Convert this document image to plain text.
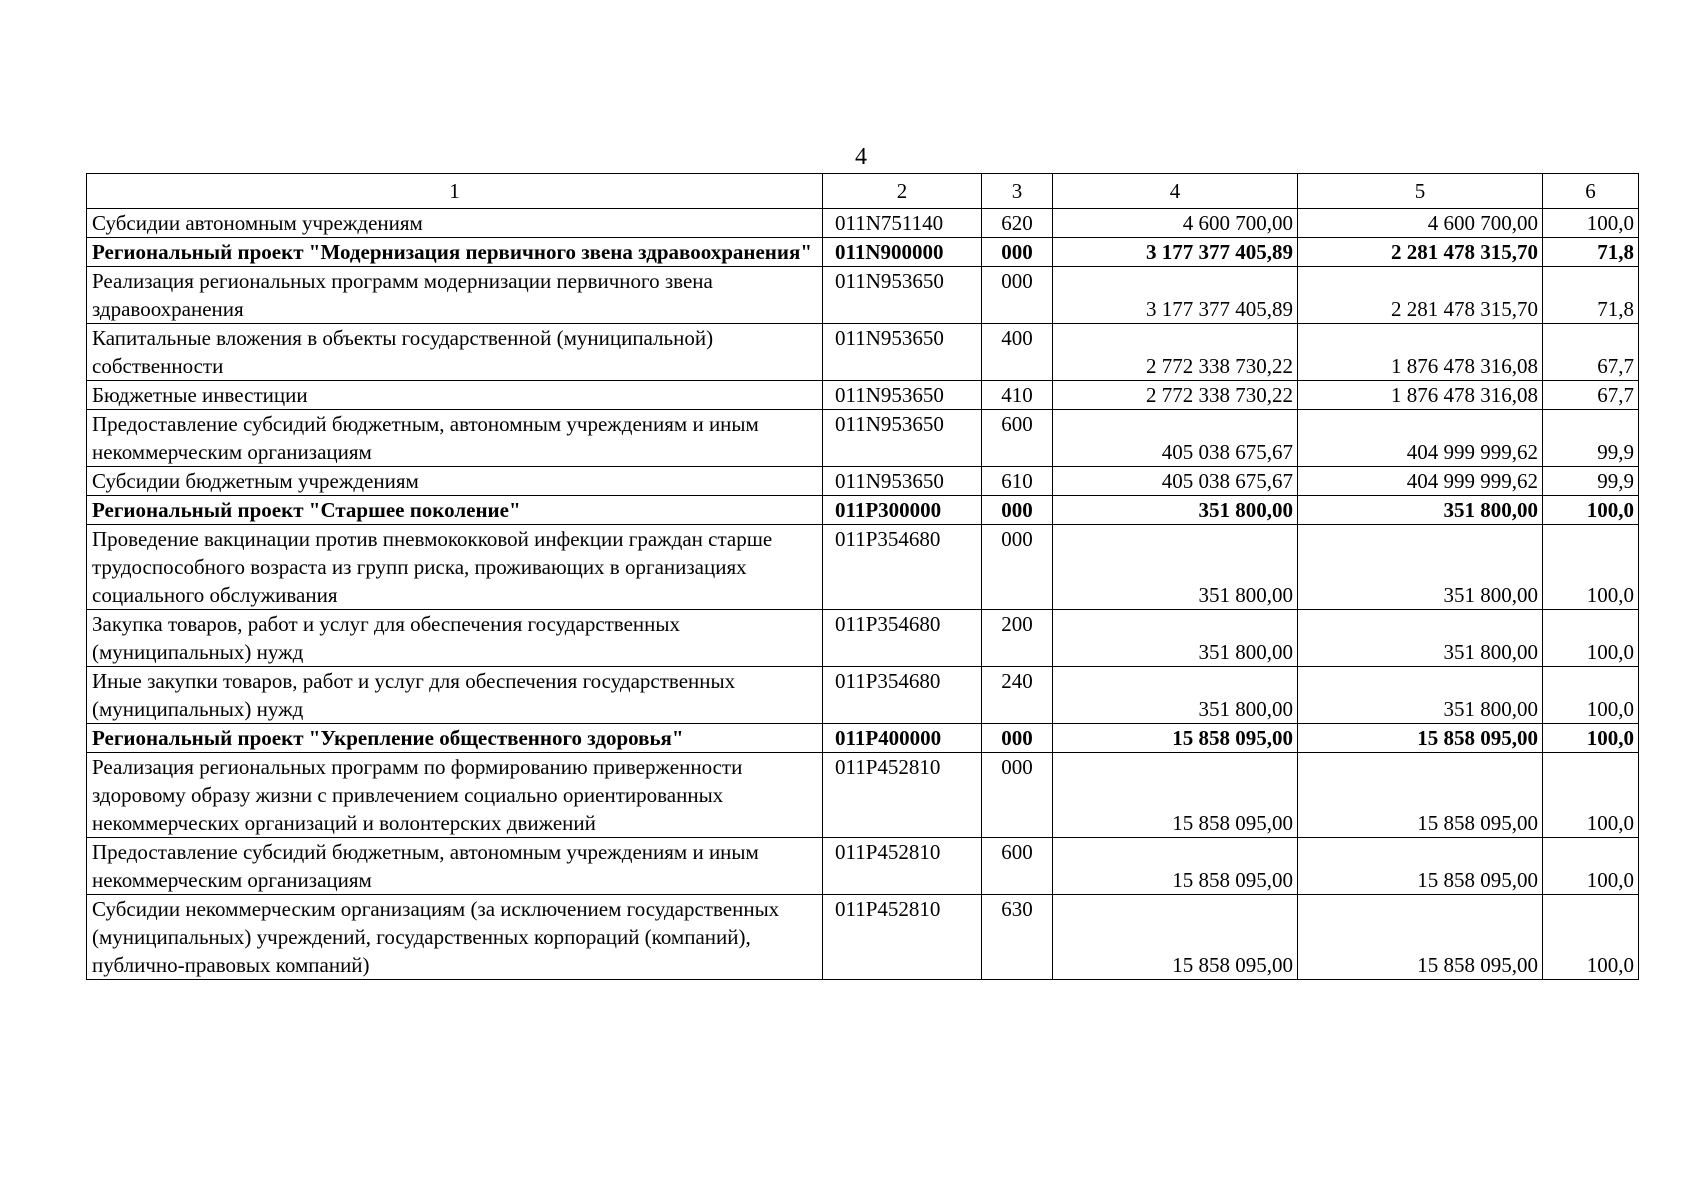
4
1	2	3	4	5	6
Субсидии автономным учреждениям	011N751140	620	4 600 700,00	4 600 700,00	100,0
Региональный проект "Модернизация первичного звена здравоохранения"	011N900000	000	3 177 377 405,89	2 281 478 315,70	71,8
Реализация региональных программ модернизации первичного звена здравоохранения	011N953650	000	3 177 377 405,89	2 281 478 315,70	71,8
Капитальные вложения в объекты государственной (муниципальной) собственности	011N953650	400	2 772 338 730,22	1 876 478 316,08	67,7
Бюджетные инвестиции	011N953650	410	2 772 338 730,22	1 876 478 316,08	67,7
Предоставление субсидий бюджетным, автономным учреждениям и иным некоммерческим организациям	011N953650	600	405 038 675,67	404 999 999,62	99,9
Субсидии бюджетным учреждениям	011N953650	610	405 038 675,67	404 999 999,62	99,9
Региональный проект "Старшее поколение"	011P300000	000	351 800,00	351 800,00	100,0
Проведение вакцинации против пневмококковой инфекции граждан старше трудоспособного возраста из групп риска, проживающих в организациях социального обслуживания	011P354680	000	351 800,00	351 800,00	100,0
Закупка товаров, работ и услуг для обеспечения государственных (муниципальных) нужд	011P354680	200	351 800,00	351 800,00	100,0
Иные закупки товаров, работ и услуг для обеспечения государственных (муниципальных) нужд	011P354680	240	351 800,00	351 800,00	100,0
Региональный проект "Укрепление общественного здоровья"	011P400000	000	15 858 095,00	15 858 095,00	100,0
Реализация региональных программ по формированию приверженности здоровому образу жизни с привлечением социально ориентированных некоммерческих организаций и волонтерских движений	011P452810	000	15 858 095,00	15 858 095,00	100,0
Предоставление субсидий бюджетным, автономным учреждениям и иным некоммерческим организациям	011P452810	600	15 858 095,00	15 858 095,00	100,0
Субсидии некоммерческим организациям (за исключением государственных (муниципальных) учреждений, государственных корпораций (компаний), публично-правовых компаний)	011P452810	630	15 858 095,00	15 858 095,00	100,0
